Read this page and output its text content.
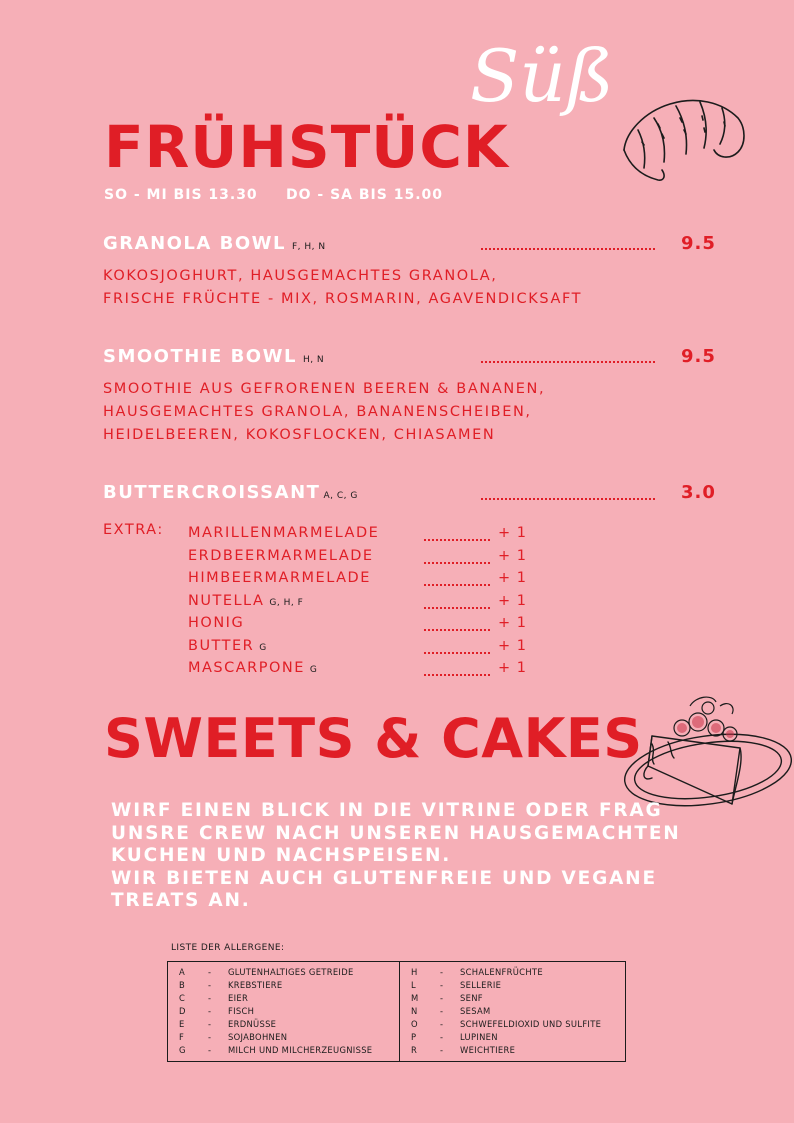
Süß
FRÜHSTÜCK
SO - MI BIS 13.30 DO - SA BIS 15.00
GRANOLA BOWL F, H, N	9.5
KOKOSJOGHURT, HAUSGEMACHTES GRANOLA,
FRISCHE FRÜCHTE - MIX, ROSMARIN, AGAVENDICKSAFT
SMOOTHIE BOWL H, N	9.5
SMOOTHIE AUS GEFRORENEN BEEREN & BANANEN,
HAUSGEMACHTES GRANOLA, BANANENSCHEIBEN,
HEIDELBEEREN, KOKOSFLOCKEN, CHIASAMEN
BUTTERCROISSANT A, C, G	3.0
EXTRA: MARILLENMARMELADE	+ 1
ERDBEERMARMELADE	+ 1
HIMBEERMARMELADE	+ 1
NUTELLA G, H, F	+ 1
HONIG	+ 1
BUTTER G	+ 1
MASCARPONE G	+ 1
SWEETS & CAKES
WIRF EINEN BLICK IN DIE VITRINE ODER FRAG
UNSRE CREW NACH UNSEREN HAUSGEMACHTEN
KUCHEN UND NACHSPEISEN.
WIR BIETEN AUCH GLUTENFREIE UND VEGANE
TREATS AN.
LISTE DER ALLERGENE:
A	- GLUTENHALTIGES GETREIDE
B	- KREBSTIERE
C	- EIER
D	- FISCH
E	- ERDNÜSSE
F	- SOJABOHNEN
G	- MILCH UND MILCHERZEUGNISSE
H	- SCHALENFRÜCHTE
L	- SELLERIE
M	- SENF
N	- SESAM
O	- SCHWEFELDIOXID UND SULFITE
P	- LUPINEN
R	- WEICHTIERE
